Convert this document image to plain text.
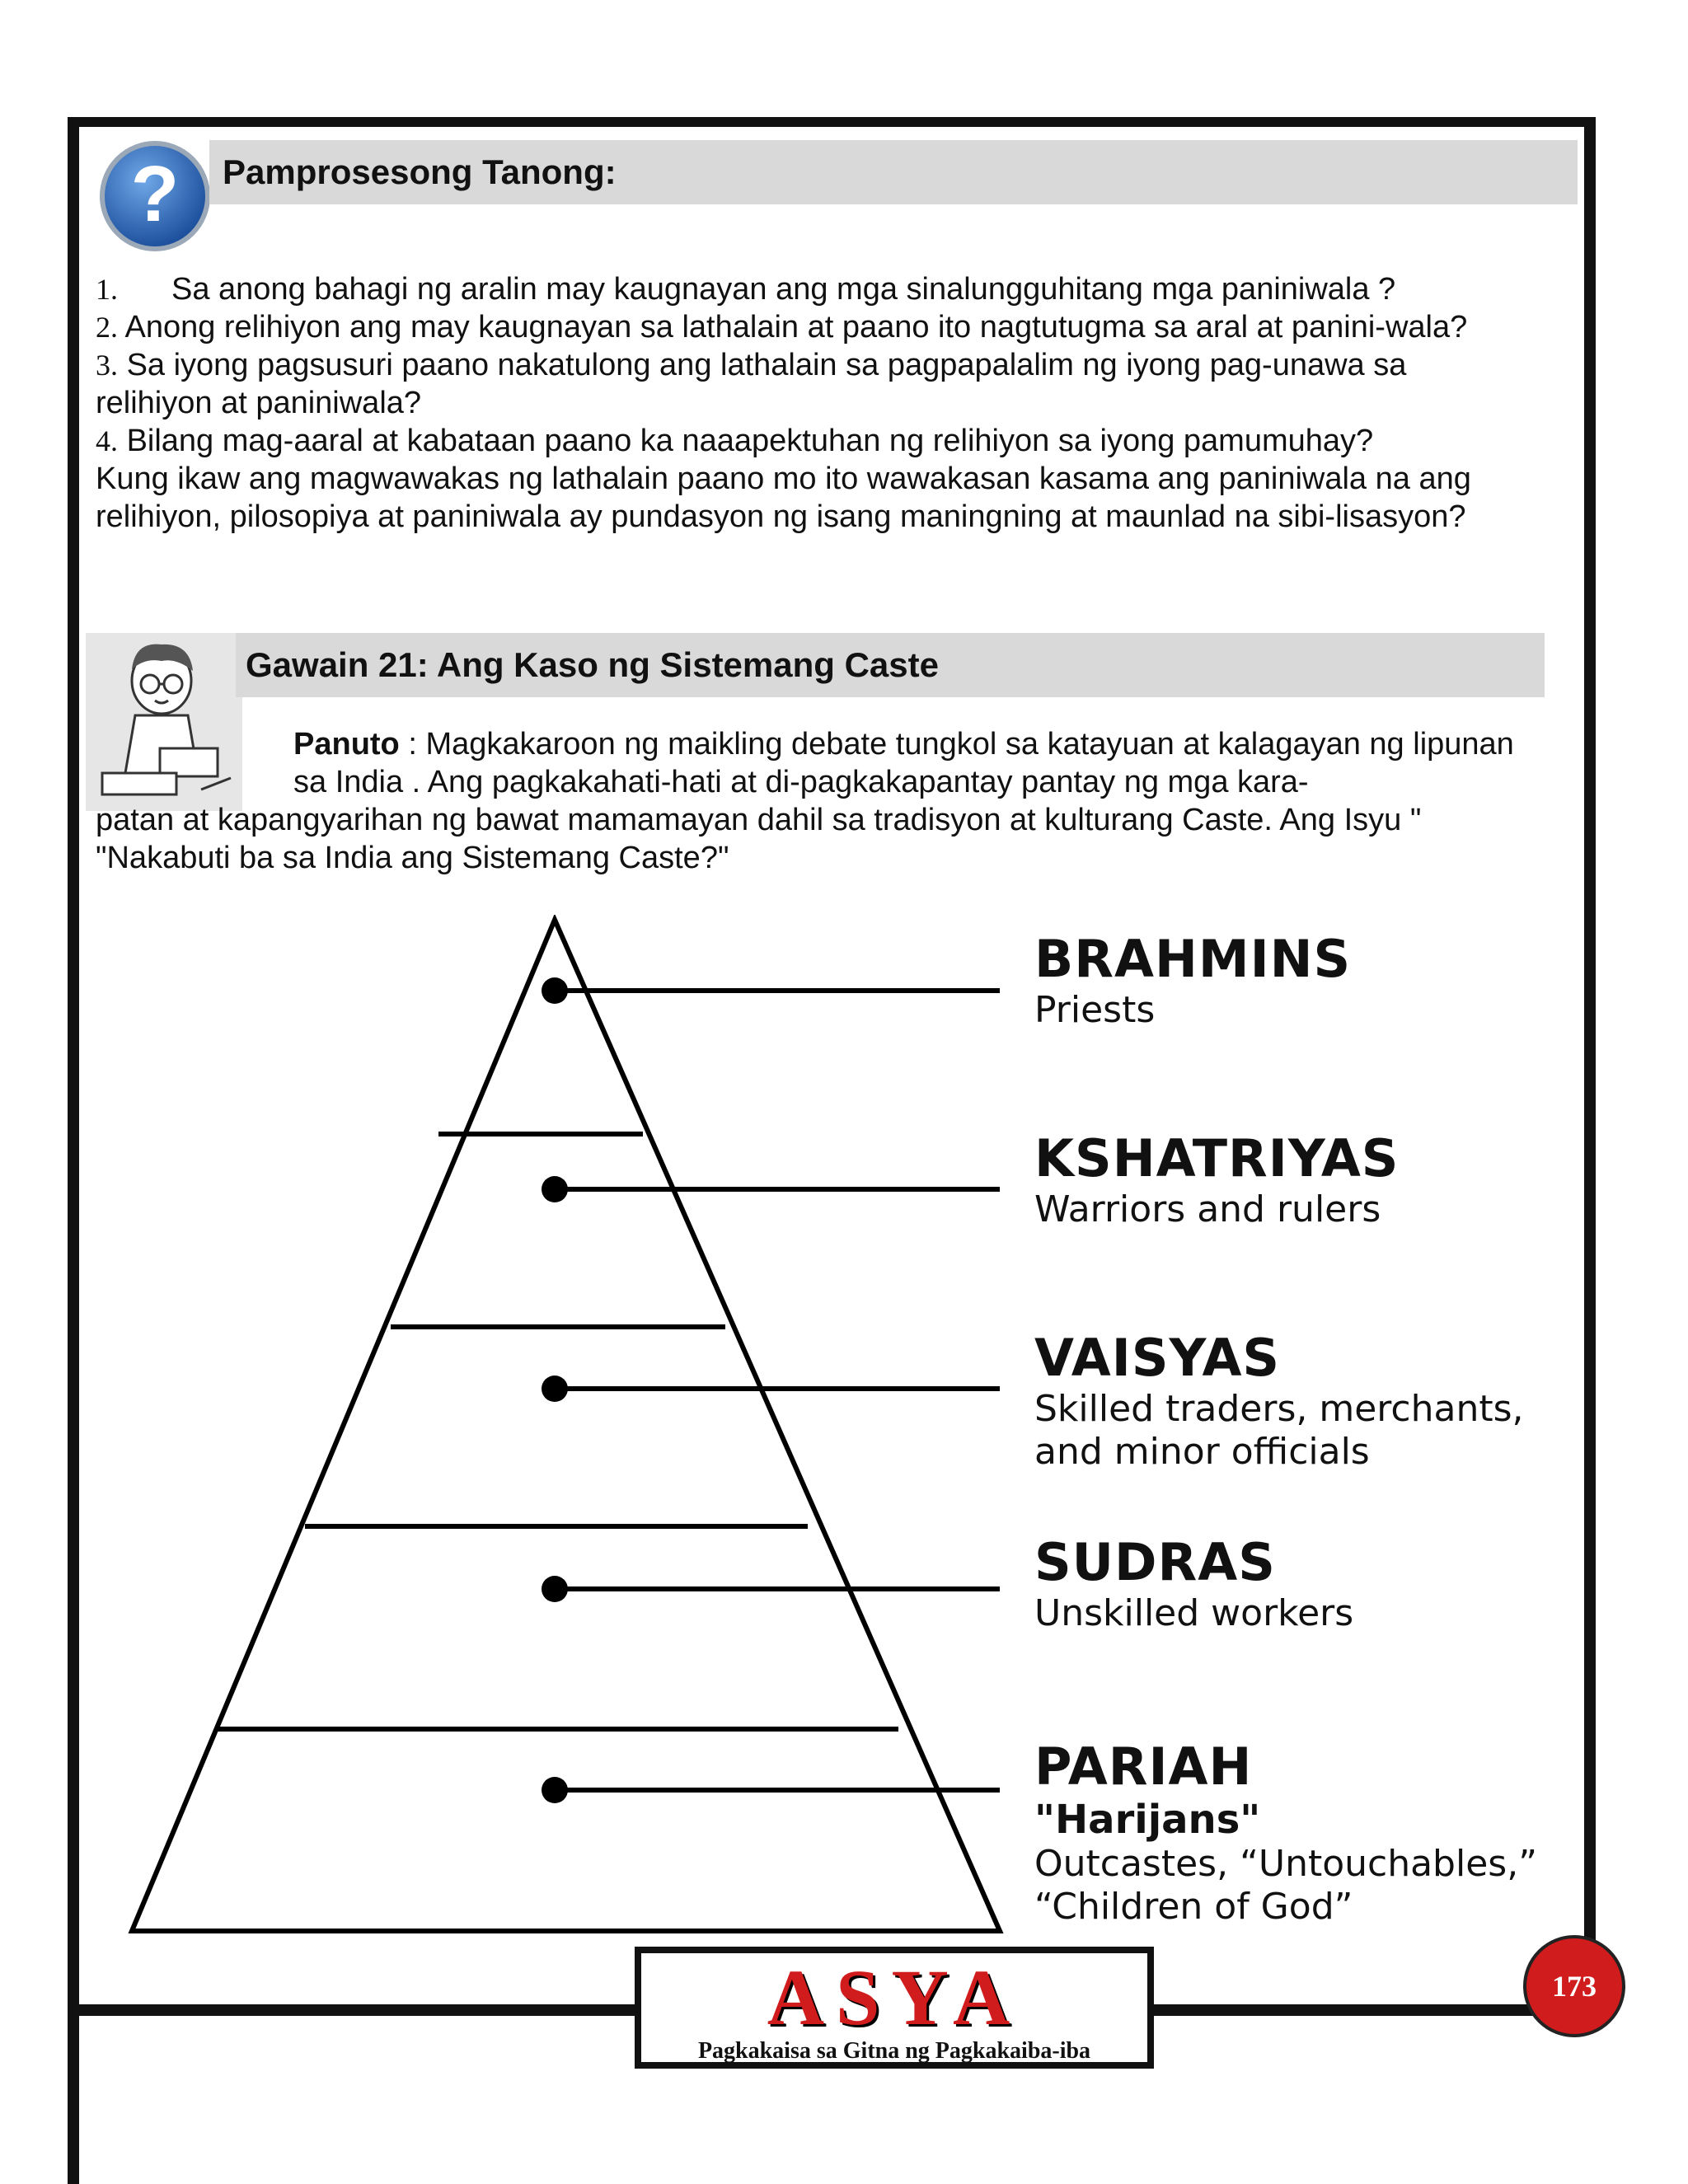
?	Pamprosesong Tanong:

1. Sa anong bahagi ng aralin may kaugnayan ang mga sinalungguhitang mga paniniwala ?

2. Anong relihiyon ang may kaugnayan sa lathalain at paano ito nagtutugma sa aral at panini-wala?

3. Sa iyong pagsusuri paano nakatulong ang lathalain sa pagpapalalim ng iyong pag-unawa sa relihiyon at paniniwala?

4. Bilang mag-aaral at kabataan paano ka naaapektuhan ng relihiyon sa iyong pamumuhay?

Kung ikaw ang magwawakas ng lathalain paano mo ito wawakasan kasama ang paniniwala na ang relihiyon, pilosopiya at paniniwala ay pundasyon ng isang maningning at maunlad na sibi-lisasyon?

Gawain 21: Ang Kaso ng Sistemang Caste
Panuto : Magkakaroon ng maikling debate tungkol sa katayuan at kalagayan ng lipunan sa India . Ang pagkakahati-hati at di-pagkakapantay pantay ng mga kara-
patan at kapangyarihan ng bawat mamamayan dahil sa tradisyon at kulturang Caste. Ang Isyu " "Nakabuti ba sa India ang Sistemang Caste?"
BRAHMINS
Priests
KSHATRIYAS
Warriors and rulers
VAISYAS
Skilled traders, merchants,
and minor officials
SUDRAS
Unskilled workers
PARIAH
"Harijans"
Outcastes, “Untouchables,”
“Children of God”
ASYA
Pagkakaisa sa Gitna ng Pagkakaiba-iba
173
